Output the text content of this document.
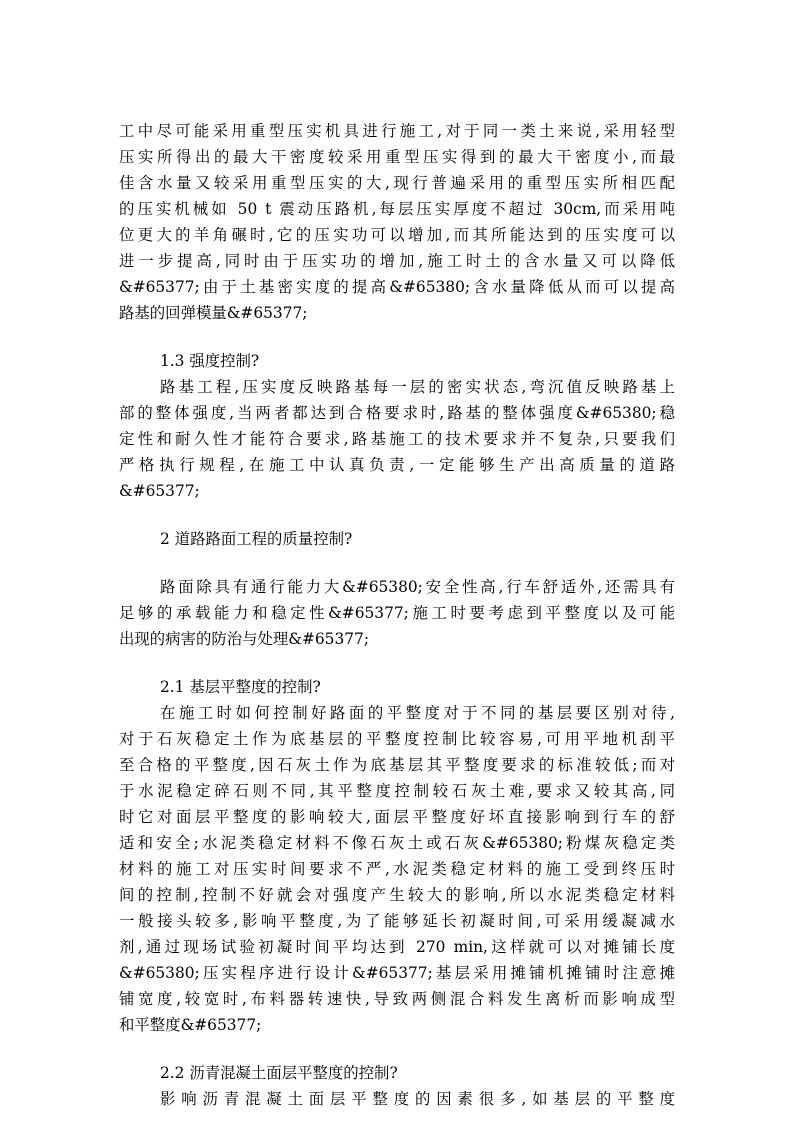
工中尽可能采用重型压实机具进行施工,对于同一类土来说,采用轻型
压实所得出的最大干密度较采用重型压实得到的最大干密度小,而最
佳含水量又较采用重型压实的大,现行普遍采用的重型压实所相匹配
的压实机械如 50 t 震动压路机,每层压实厚度不超过 30cm,而采用吨
位更大的羊角碾时,它的压实功可以增加,而其所能达到的压实度可以
进一步提高,同时由于压实功的增加,施工时土的含水量又可以降低
&#65377;由于土基密实度的提高&#65380;含水量降低从而可以提高
路基的回弹模量&#65377;
1.3 强度控制?
路基工程,压实度反映路基每一层的密实状态,弯沉值反映路基上
部的整体强度,当两者都达到合格要求时,路基的整体强度&#65380;稳
定性和耐久性才能符合要求,路基施工的技术要求并不复杂,只要我们
严格执行规程,在施工中认真负责,一定能够生产出高质量的道路
&#65377;
2 道路路面工程的质量控制?
路面除具有通行能力大&#65380;安全性高,行车舒适外,还需具有
足够的承载能力和稳定性&#65377;施工时要考虑到平整度以及可能
出现的病害的防治与处理&#65377;
2.1 基层平整度的控制?
在施工时如何控制好路面的平整度对于不同的基层要区别对待,
对于石灰稳定土作为底基层的平整度控制比较容易,可用平地机刮平
至合格的平整度,因石灰土作为底基层其平整度要求的标准较低;而对
于水泥稳定碎石则不同,其平整度控制较石灰土难,要求又较其高,同
时它对面层平整度的影响较大,面层平整度好坏直接影响到行车的舒
适和安全;水泥类稳定材料不像石灰土或石灰&#65380;粉煤灰稳定类
材料的施工对压实时间要求不严,水泥类稳定材料的施工受到终压时
间的控制,控制不好就会对强度产生较大的影响,所以水泥类稳定材料
一般接头较多,影响平整度,为了能够延长初凝时间,可采用缓凝减水
剂,通过现场试验初凝时间平均达到 270 min,这样就可以对摊铺长度
&#65380;压实程序进行设计&#65377;基层采用摊铺机摊铺时注意摊
铺宽度,较宽时,布料器转速快,导致两侧混合料发生离析而影响成型
和平整度&#65377;
2.2 沥青混凝土面层平整度的控制?
影响沥青混凝土面层平整度的因素很多,如基层的平整度
